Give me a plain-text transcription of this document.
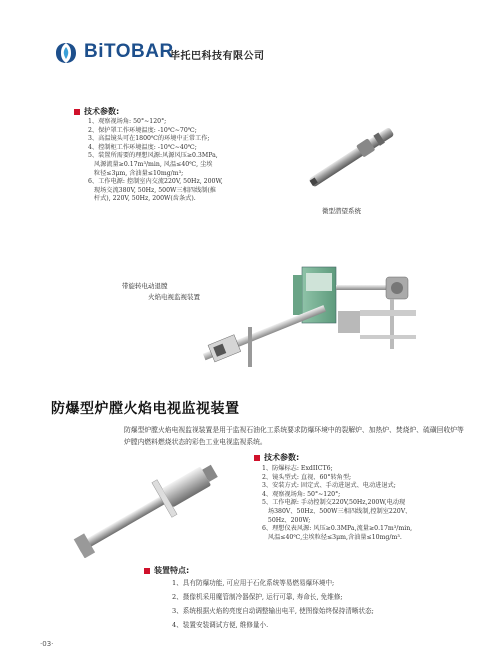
BiTOBAR
毕托巴科技有限公司
技术参数:
1、观察视场角: 50°~120°;
2、保护罩工作环境温度: -10℃~70℃;
3、高温镜头可在1800℃的环境中正常工作;
4、控制柜工作环境温度: -10℃~40℃;
5、装置所需要的理想风源:风源风压≥0.3MPa,
风源流量≥0.17m³/min, 风温≤40℃, 尘埃
粒径≤3μm, 含油量≤10mg/m³;
6、工作电源: 控制室内交流220V, 50Hz, 200W,
现场交流380V, 50Hz, 500W三相四线制(推
杆式), 220V, 50Hz, 200W(齿条式).
微型潜望系统
带旋转电动退膛
火焰电视监视装置
防爆型炉膛火焰电视监视装置
防爆型炉膛火焰电视监视装置是用于监视石油化工系统要求防爆环境中的裂解炉、加热炉、焚烧炉、硫磺回收炉等炉膛内燃料燃烧状态的彩色工业电视监视系统。
技术参数:
1、防爆标志: ExdIICT6;
2、镜头型式: 直视、60°转角型;
3、安装方式: 固定式、手动进退式、电动进退式;
4、观察视场角: 50°~120°;
5、工作电源: 手动控制交220V,50Hz,200W,电动现
场380V、50Hz、500W三相四线制,控制室220V、
50Hz、200W;
6、理想仪表风源: 风压≥0.3MPa,流量≥0.17m³/min,
风温≤40℃,尘埃粒径≤3μm,含油量≤10mg/m³.
装置特点:
1、具有防爆功能, 可应用于石化系统等易燃易爆环境中;
2、摄像机采用魔管制冷器保护, 运行可靠, 寿命长, 免维修;
3、系统根据火焰的亮度自动调整输出电平, 使图像始终保持清晰状态;
4、装置安装调试方便, 维修量小.
·03·
